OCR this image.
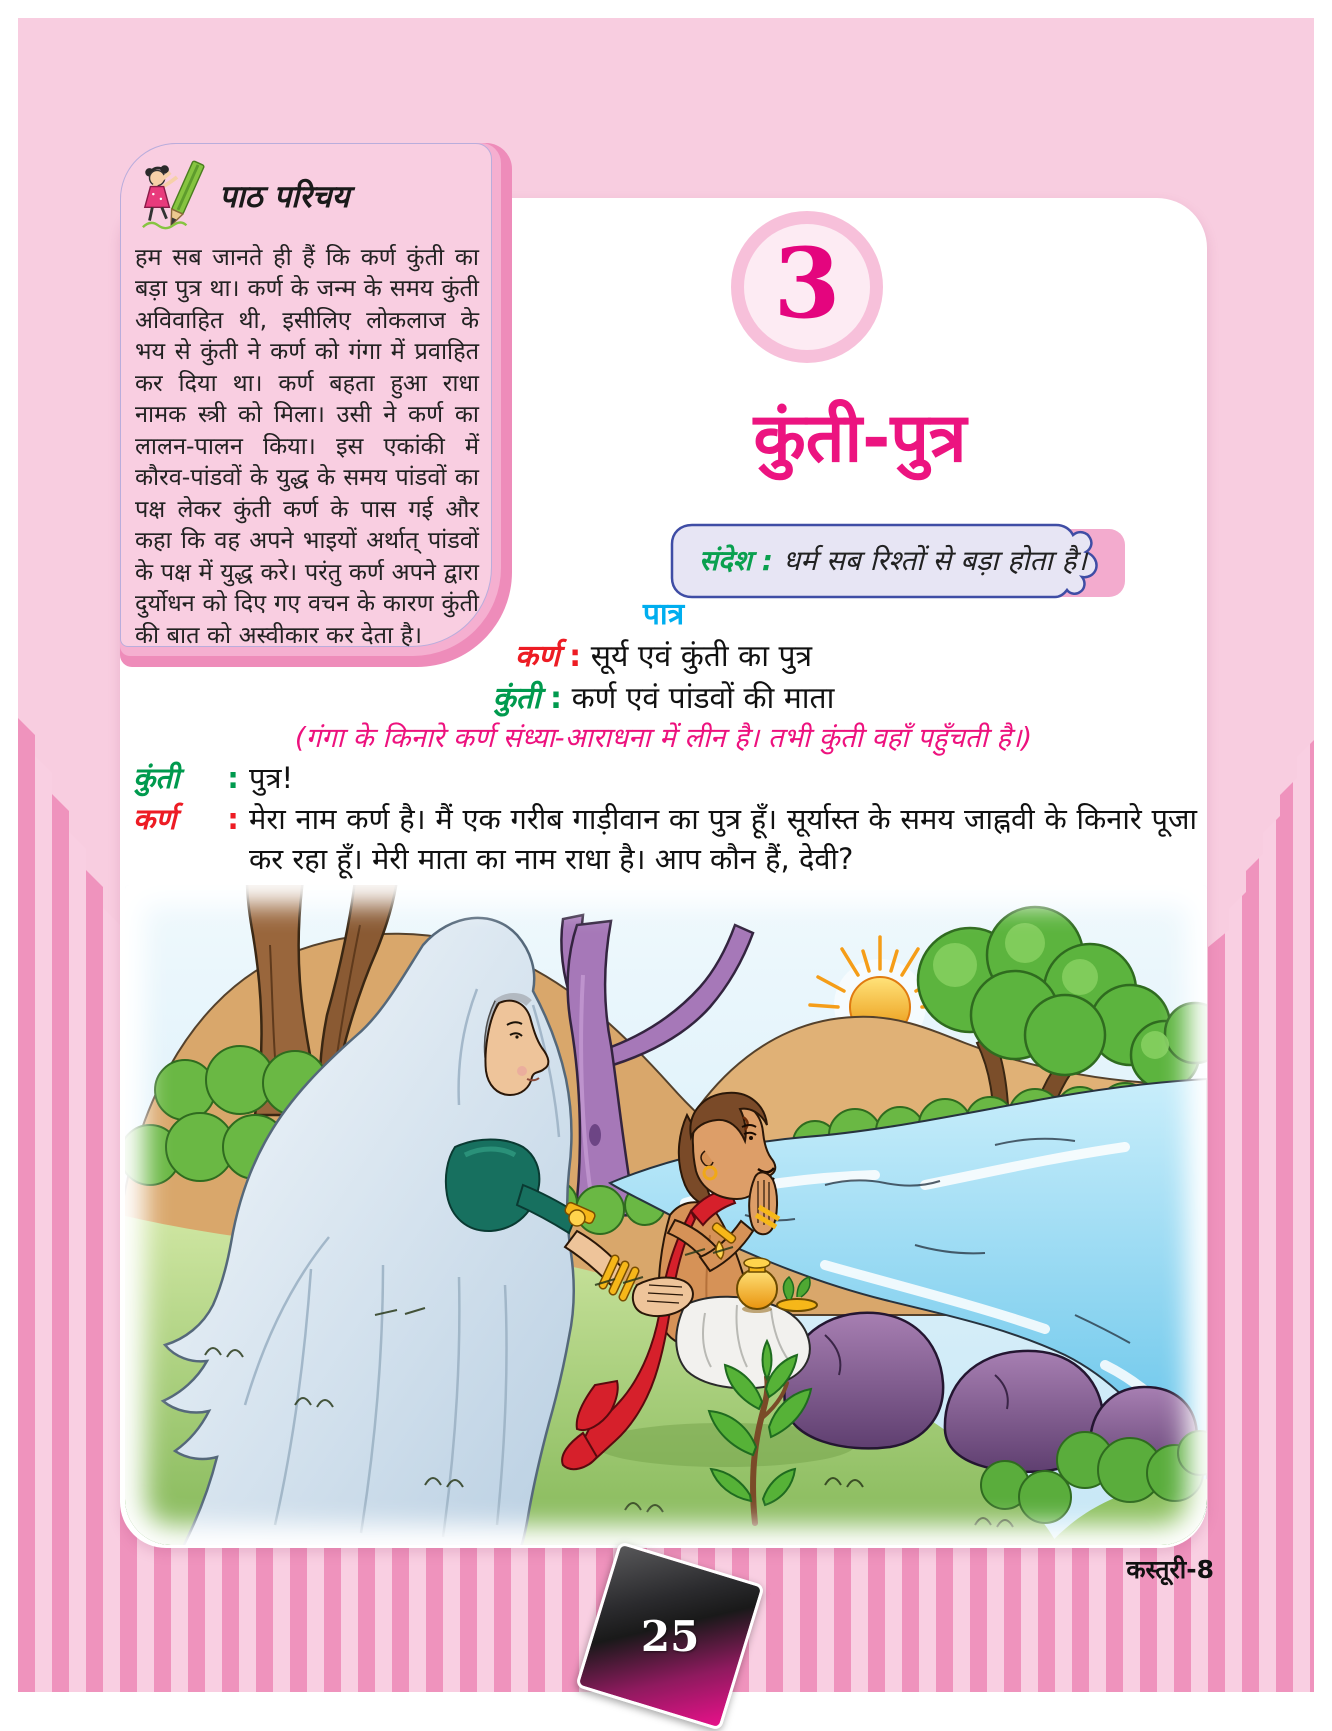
पाठ परिचय
हम सब जानते ही हैं कि कर्ण कुंती का बड़ा पुत्र था। कर्ण के जन्म के समय कुंती अविवाहित थी, इसीलिए लोकलाज के भय से कुंती ने कर्ण को गंगा में प्रवाहित कर दिया था। कर्ण बहता हुआ राधा नामक स्त्री को मिला। उसी ने कर्ण का लालन-पालन किया। इस एकांकी में कौरव-पांडवों के युद्ध के समय पांडवों का पक्ष लेकर कुंती कर्ण के पास गई और कहा कि वह अपने भाइयों अर्थात् पांडवों के पक्ष में युद्ध करे। परंतु कर्ण अपने द्वारा दुर्योधन को दिए गए वचन के कारण कुंती की बात को अस्वीकार कर देता है।
3
कुंती-पुत्र
संदेश : धर्म सब रिश्तों से बड़ा होता है।
पात्र
कर्ण : सूर्य एवं कुंती का पुत्र
कुंती : कर्ण एवं पांडवों की माता
(गंगा के किनारे कर्ण संध्या-आराधना में लीन है। तभी कुंती वहाँ पहुँचती है।)
कुंती	: पुत्र!
कर्ण	: मेरा नाम कर्ण है। मैं एक गरीब गाड़ीवान का पुत्र हूँ। सूर्यास्त के समय जाह्नवी के किनारे पूजा कर रहा हूँ। मेरी माता का नाम राधा है। आप कौन हैं, देवी?
कस्तूरी-8
25
